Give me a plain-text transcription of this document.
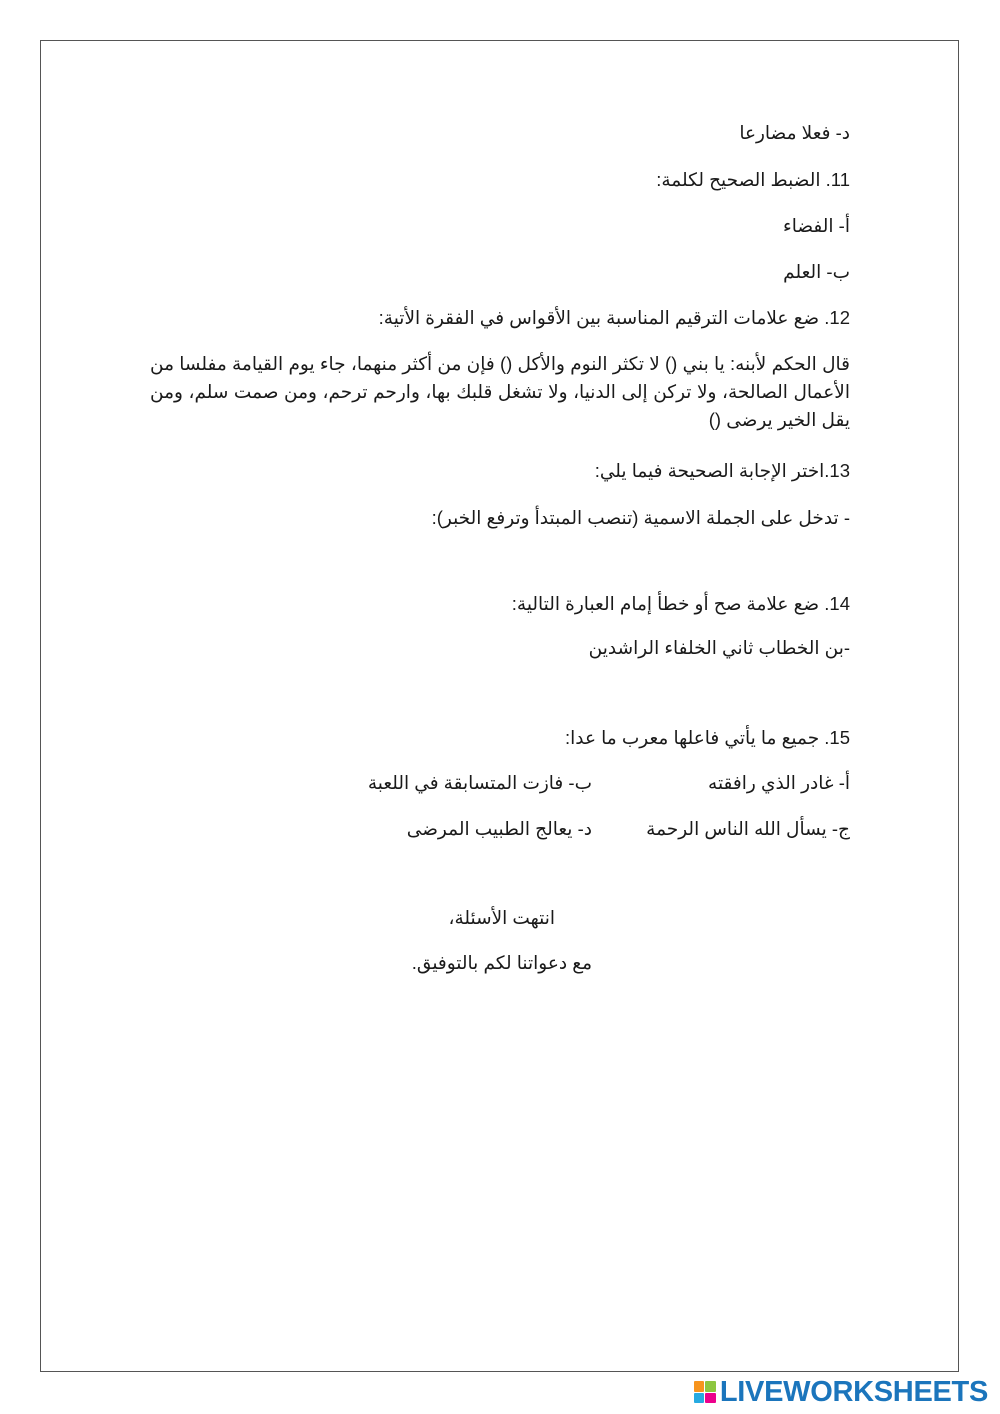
د- فعلا مضارعا
11. الضبط الصحيح لكلمة:
أ- الفضاء
ب- العلم
12. ضع علامات الترقيم المناسبة بين الأقواس في الفقرة الأتية:
قال الحكم لأبنه: يا بني () لا تكثر النوم والأكل () فإن من أكثر منهما، جاء يوم القيامة مفلسا من الأعمال الصالحة، ولا تركن إلى الدنيا، ولا تشغل قلبك بها، وارحم ترحم، ومن صمت سلم، ومن يقل الخير يرضى ()
13.اختر الإجابة الصحيحة فيما يلي:
- تدخل على الجملة الاسمية (تنصب المبتدأ وترفع الخبر):
14. ضع علامة صح أو خطأ إمام العبارة التالية:
-بن الخطاب ثاني الخلفاء الراشدين
15. جميع ما يأتي فاعلها معرب ما عدا:
أ- غادر الذي رافقته
ب- فازت المتسابقة في اللعبة
ج- يسأل الله الناس الرحمة
د- يعالج الطبيب المرضى
انتهت الأسئلة،
مع دعواتنا لكم بالتوفيق.
LIVEWORKSHEETS
